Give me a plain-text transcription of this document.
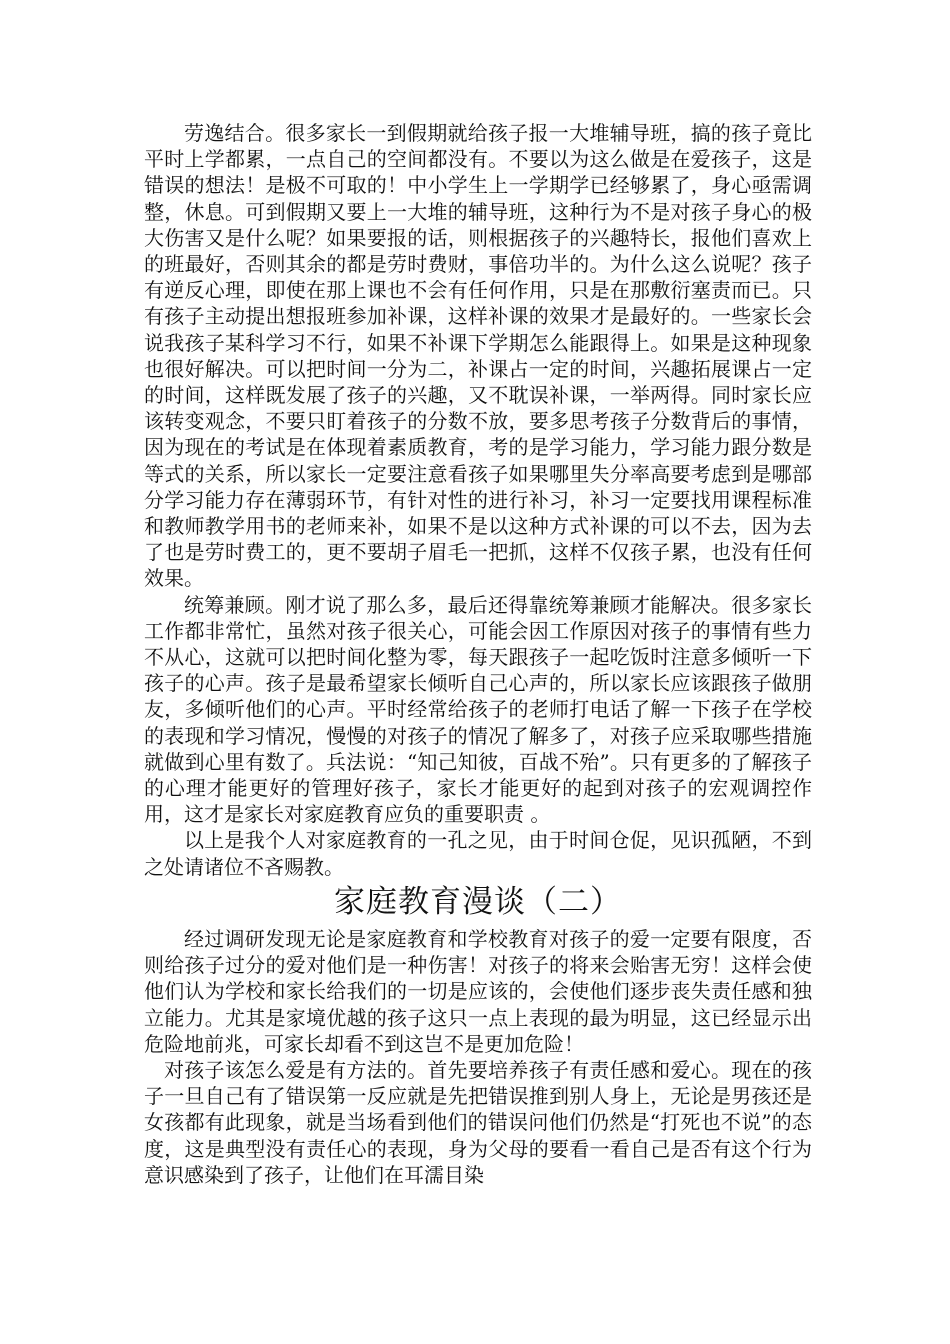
劳逸结合。很多家长一到假期就给孩子报一大堆辅导班，搞的孩子竟比平时上学都累，一点自己的空间都没有。不要以为这么做是在爱孩子，这是错误的想法！是极不可取的！中小学生上一学期学已经够累了，身心亟需调整，休息。可到假期又要上一大堆的辅导班，这种行为不是对孩子身心的极大伤害又是什么呢？如果要报的话，则根据孩子的兴趣特长，报他们喜欢上的班最好，否则其余的都是劳时费财，事倍功半的。为什么这么说呢？孩子有逆反心理，即使在那上课也不会有任何作用，只是在那敷衍塞责而已。只有孩子主动提出想报班参加补课，这样补课的效果才是最好的。一些家长会说我孩子某科学习不行，如果不补课下学期怎么能跟得上。如果是这种现象也很好解决。可以把时间一分为二，补课占一定的时间，兴趣拓展课占一定的时间，这样既发展了孩子的兴趣，又不耽误补课，一举两得。同时家长应该转变观念，不要只盯着孩子的分数不放，要多思考孩子分数背后的事情，因为现在的考试是在体现着素质教育，考的是学习能力，学习能力跟分数是等式的关系，所以家长一定要注意看孩子如果哪里失分率高要考虑到是哪部分学习能力存在薄弱环节，有针对性的进行补习，补习一定要找用课程标准和教师教学用书的老师来补，如果不是以这种方式补课的可以不去，因为去了也是劳时费工的，更不要胡子眉毛一把抓，这样不仅孩子累，也没有任何效果。

统筹兼顾。刚才说了那么多，最后还得靠统筹兼顾才能解决。很多家长工作都非常忙，虽然对孩子很关心，可能会因工作原因对孩子的事情有些力不从心，这就可以把时间化整为零，每天跟孩子一起吃饭时注意多倾听一下孩子的心声。孩子是最希望家长倾听自己心声的，所以家长应该跟孩子做朋友，多倾听他们的心声。平时经常给孩子的老师打电话了解一下孩子在学校的表现和学习情况，慢慢的对孩子的情况了解多了，对孩子应采取哪些措施就做到心里有数了。兵法说：“知己知彼，百战不殆”。只有更多的了解孩子的心理才能更好的管理好孩子，家长才能更好的起到对孩子的宏观调控作用，这才是家长对家庭教育应负的重要职责 。

以上是我个人对家庭教育的一孔之见，由于时间仓促，见识孤陋，不到之处请诸位不吝赐教。

家庭教育漫谈（二）

经过调研发现无论是家庭教育和学校教育对孩子的爱一定要有限度，否则给孩子过分的爱对他们是一种伤害！对孩子的将来会贻害无穷！这样会使他们认为学校和家长给我们的一切是应该的，会使他们逐步丧失责任感和独立能力。尤其是家境优越的孩子这只一点上表现的最为明显，这已经显示出危险地前兆，可家长却看不到这岂不是更加危险！

对孩子该怎么爱是有方法的。首先要培养孩子有责任感和爱心。现在的孩子一旦自己有了错误第一反应就是先把错误推到别人身上，无论是男孩还是女孩都有此现象，就是当场看到他们的错误问他们仍然是“打死也不说”的态度，这是典型没有责任心的表现，身为父母的要看一看自己是否有这个行为意识感染到了孩子，让他们在耳濡目染
